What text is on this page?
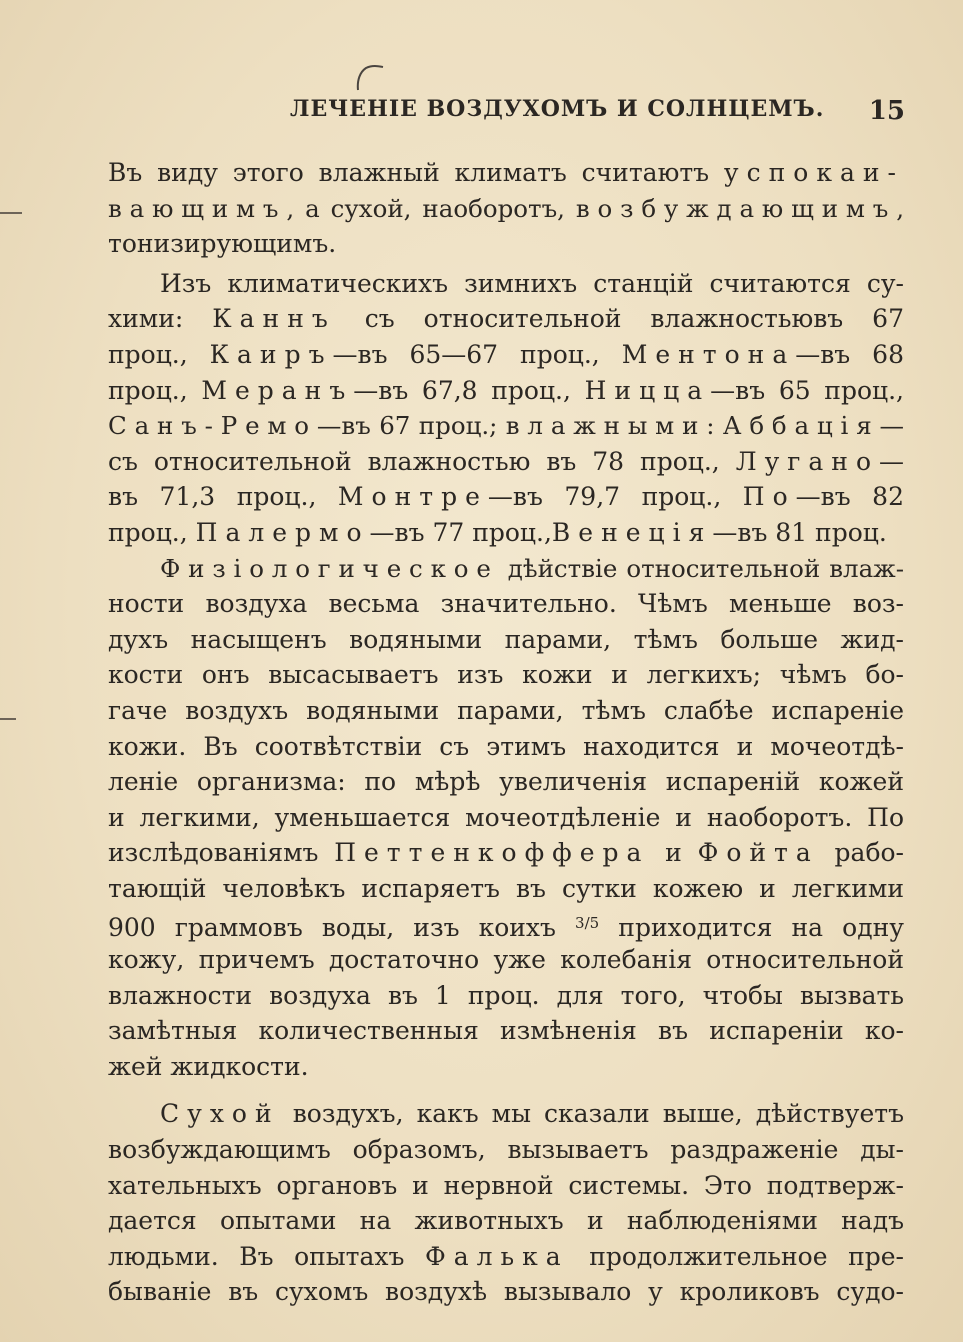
ЛЕЧЕНІЕ ВОЗДУХОМЪ И СОЛНЦЕМЪ. 15
Въ виду этого влажный климатъ считаютъ успокаи-
вающимъ, а сухой, наоборотъ, возбуждающимъ,
тонизирующимъ.
Изъ климатическихъ зимнихъ станцій считаются су-
хими: Каннъ съ относительной влажностьювъ 67
проц., Каиръ—въ 65—67 проц., Ментона—въ 68
проц., Меранъ—въ 67,8 проц., Ницца—въ 65 проц.,
Санъ-Ремо—въ 67 проц.; влажными: Аббація—
съ относительной влажностью въ 78 проц., Лугано—
въ 71,3 проц., Монтре—въ 79,7 проц., По—въ 82
проц., Палермо—въ 77 проц.,Венеція—въ 81 проц.
Физіологическое дѣйствіе относительной влаж-
ности воздуха весьма значительно. Чѣмъ меньше воз-
духъ насыщенъ водяными парами, тѣмъ больше жид-
кости онъ высасываетъ изъ кожи и легкихъ; чѣмъ бо-
гаче воздухъ водяными парами, тѣмъ слабѣе испареніе
кожи. Въ соотвѣтствіи съ этимъ находится и мочеотдѣ-
леніе организма: по мѣрѣ увеличенія испареній кожей
и легкими, уменьшается мочеотдѣленіе и наоборотъ. По
изслѣдованіямъ Петтенкоффера и Фойта рабо-
тающій человѣкъ испаряетъ въ сутки кожею и легкими
900 граммовъ воды, изъ коихъ $^{3/5}$ приходится на одну
кожу, причемъ достаточно уже колебанія относительной
влажности воздуха въ 1 проц. для того, чтобы вызвать
замѣтныя количественныя измѣненія въ испареніи ко-
жей жидкости.
Сухой воздухъ, какъ мы сказали выше, дѣйствуетъ
возбуждающимъ образомъ, вызываетъ раздраженіе ды-
хательныхъ органовъ и нервной системы. Это подтверж-
дается опытами на животныхъ и наблюденіями надъ
людьми. Въ опытахъ Фалька продолжительное пре-
быванiе въ сухомъ воздухѣ вызывало у кроликовъ судо-
